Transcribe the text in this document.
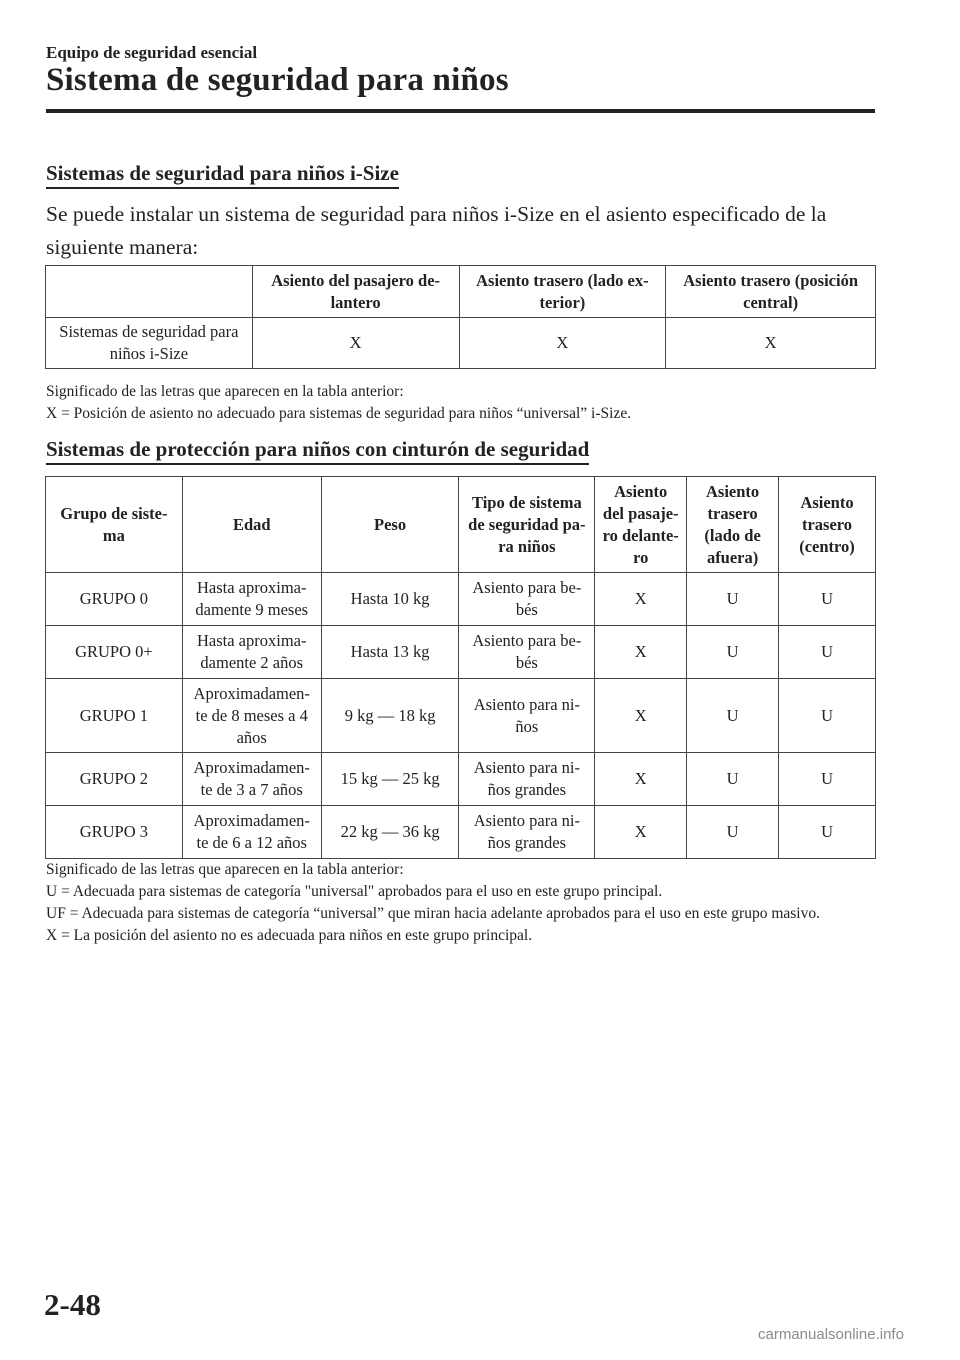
Equipo de seguridad esencial
Sistema de seguridad para niños
Sistemas de seguridad para niños i-Size
Se puede instalar un sistema de seguridad para niños i-Size en el asiento especificado de la siguiente manera:
	Asiento del pasajero de-
lantero	Asiento trasero (lado ex-
terior)	Asiento trasero (posición
central)
Sistemas de seguridad para
niños i-Size	X	X	X
Significado de las letras que aparecen en la tabla anterior:
X = Posición de asiento no adecuado para sistemas de seguridad para niños “universal” i-Size.
Sistemas de protección para niños con cinturón de seguridad
Grupo de siste-
ma	Edad	Peso	Tipo de sistema
de seguridad pa-
ra niños	Asiento
del pasaje-
ro delante-
ro	Asiento
trasero
(lado de
afuera)	Asiento
trasero
(centro)
GRUPO 0	Hasta aproxima-
damente 9 meses	Hasta 10 kg	Asiento para be-
bés	X	U	U
GRUPO 0+	Hasta aproxima-
damente 2 años	Hasta 13 kg	Asiento para be-
bés	X	U	U
GRUPO 1	Aproximadamen-
te de 8 meses a 4
años	9 kg ― 18 kg	Asiento para ni-
ños	X	U	U
GRUPO 2	Aproximadamen-
te de 3 a 7 años	15 kg ― 25 kg	Asiento para ni-
ños grandes	X	U	U
GRUPO 3	Aproximadamen-
te de 6 a 12 años	22 kg ― 36 kg	Asiento para ni-
ños grandes	X	U	U
Significado de las letras que aparecen en la tabla anterior:
U = Adecuada para sistemas de categoría "universal" aprobados para el uso en este grupo principal.
UF = Adecuada para sistemas de categoría “universal” que miran hacia adelante aprobados para el uso en este grupo masivo.
X = La posición del asiento no es adecuada para niños en este grupo principal.
2-48
carmanualsonline.info
